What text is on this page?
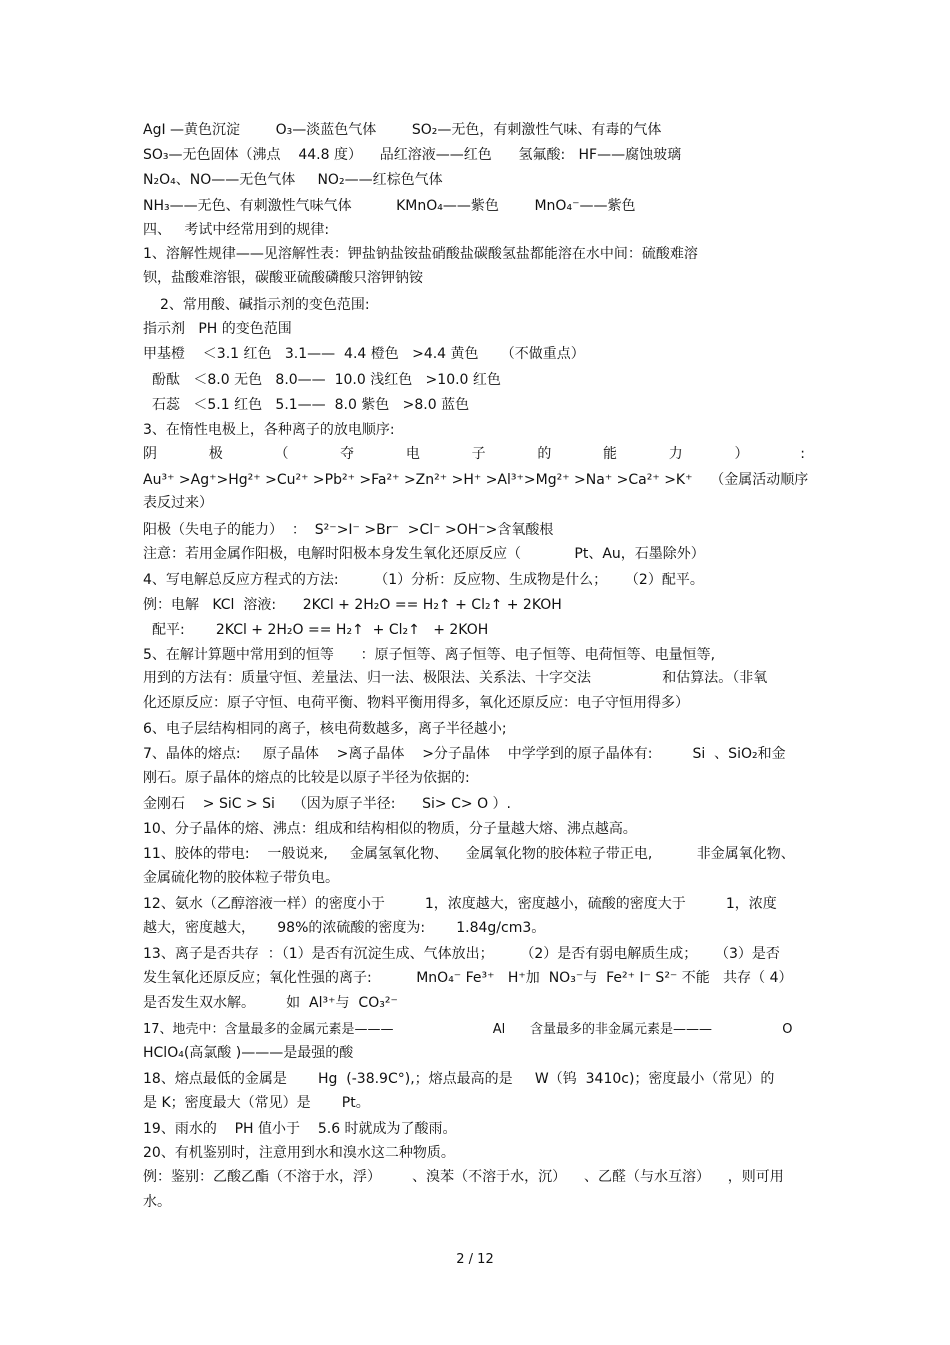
AgI —黄色沉淀        O₃—淡蓝色气体        SO₂—无色，有刺激性气味、有毒的气体
SO₃—无色固体（沸点    44.8 度）    品红溶液——红色      氢氟酸:   HF——腐蚀玻璃
N₂O₄、NO——无色气体     NO₂——红棕色气体
NH₃——无色、有刺激性气味气体          KMnO₄——紫色        MnO₄⁻——紫色
四、   考试中经常用到的规律:
1、溶解性规律——见溶解性表：钾盐钠盐铵盐硝酸盐碳酸氢盐都能溶在水中间：硫酸难溶
钡，盐酸难溶银，碳酸亚硫酸磷酸只溶钾钠铵
2、常用酸、碱指示剂的变色范围:
指示剂   PH 的变色范围
甲基橙    ＜3.1 红色   3.1——  4.4 橙色   >4.4 黄色     （不做重点）
酚酞   ＜8.0 无色   8.0——  10.0 浅红色   >10.0 红色
石蕊   ＜5.1 红色   5.1——  8.0 紫色   >8.0 蓝色
3、在惰性电极上，各种离子的放电顺序:
阴	极	（	夺	电	子	的	能	力	）	:
Au³⁺ >Ag⁺>Hg²⁺ >Cu²⁺ >Pb²⁺ >Fa²⁺ >Zn²⁺ >H⁺ >Al³⁺>Mg²⁺ >Na⁺ >Ca²⁺ >K⁺    （金属活动顺序
表反过来）
阳极（失电子的能力）  ：  S²⁻>I⁻ >Br⁻  >Cl⁻ >OH⁻>含氧酸根
注意：若用金属作阳极，电解时阳极本身发生氧化还原反应（            Pt、Au，石墨除外）
4、写电解总反应方程式的方法:        （1）分析：反应物、生成物是什么；    （2）配平。
例：电解   KCl  溶液:      2KCl + 2H₂O == H₂↑ + Cl₂↑ + 2KOH
配平:       2KCl + 2H₂O == H₂↑  + Cl₂↑   + 2KOH
5、在解计算题中常用到的恒等      ：原子恒等、离子恒等、电子恒等、电荷恒等、电量恒等,
用到的方法有：质量守恒、差量法、归一法、极限法、关系法、十字交法                和估算法。（非氧
化还原反应：原子守恒、电荷平衡、物料平衡用得多，氧化还原反应：电子守恒用得多）
6、电子层结构相同的离子，核电荷数越多，离子半径越小;
7、晶体的熔点:     原子晶体    >离子晶体    >分子晶体    中学学到的原子晶体有:         Si  、SiO₂和金
刚石。原子晶体的熔点的比较是以原子半径为依据的:
金刚石    > SiC > Si    （因为原子半径:      Si> C> O ）.
10、分子晶体的熔、沸点：组成和结构相似的物质，分子量越大熔、沸点越高。
11、胶体的带电:    一般说来,     金属氢氧化物、    金属氧化物的胶体粒子带正电,          非金属氧化物、
金属硫化物的胶体粒子带负电。
12、氨水（乙醇溶液一样）的密度小于         1，浓度越大，密度越小，硫酸的密度大于         1，浓度
越大，密度越大，     98%的浓硫酸的密度为:       1.84g/cm3。
13、离子是否共存  ：（1）是否有沉淀生成、气体放出；      （2）是否有弱电解质生成；    （3）是否
发生氧化还原反应；氧化性强的离子:          MnO₄⁻ Fe³⁺   H⁺加  NO₃⁻与  Fe²⁺ I⁻ S²⁻ 不能   共存（ 4）
是否发生双水解。       如  Al³⁺与  CO₃²⁻
17、地壳中：含量最多的金属元素是———                        Al      含量最多的非金属元素是———                 O
HClO₄(高氯酸 )———是最强的酸
18、熔点最低的金属是       Hg  (-38.9C°),；熔点最高的是     W（钨  3410c)；密度最小（常见）的
是 K；密度最大（常见）是       Pt。
19、雨水的    PH 值小于    5.6 时就成为了酸雨。
20、有机鉴别时，注意用到水和溴水这二种物质。
例：鉴别：乙酸乙酯（不溶于水，浮）       、溴苯（不溶于水，沉）    、乙醛（与水互溶）    ，则可用
水。
2 / 12
